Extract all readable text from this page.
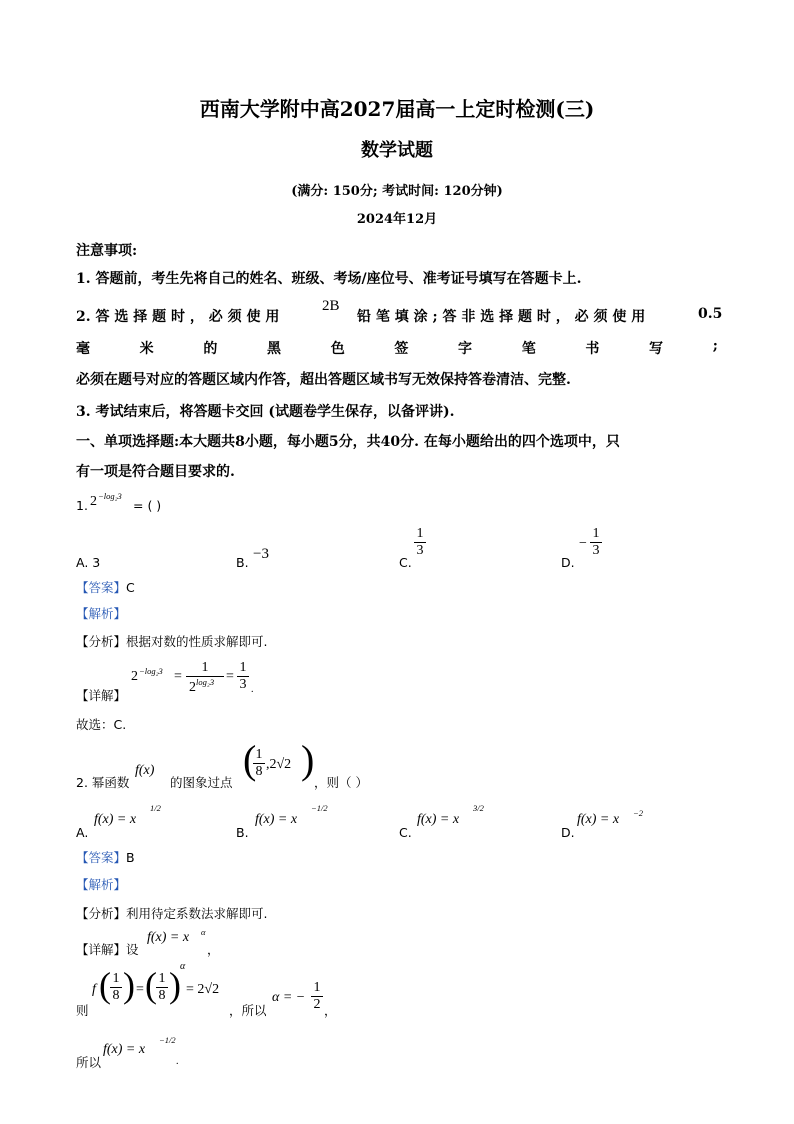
西南大学附中高2027届高一上定时检测(三)
数学试题
(满分: 150分; 考试时间: 120分钟)
2024年12月
注意事项:
1. 答题前，考生先将自己的姓名、班级、考场/座位号、准考证号填写在答题卡上.
2. 答 选 择 题 时 ， 必 须 使 用
2B
铅 笔 填 涂 ; 答 非 选 择 题 时 ， 必 须 使 用	0.5
毫	米	的	黑	色	签	字	笔	书	写	;
必须在题号对应的答题区域内作答，超出答题区域书写无效保持答卷清洁、完整.
3. 考试结束后，将答题卡交回 (试题卷学生保存，以备评讲).
一、单项选择题:本大题共8小题，每小题5分，共40分. 在每小题给出的四个选项中，只
有一项是符合题目要求的.
1. 2 −log₂3
= ( )
A. 3	B.
−3
C.
$\frac{1}{3}$
D.
− $\frac{1}{3}$
【答案】C
【解析】
【分析】根据对数的性质求解即可.
【详解】
$2 -\log_23 = \frac{1}{2^{log_23}} = \frac{1}{3}$ .
故选：C.
2. 幂函数
f(x)
的图象过点
(
$\frac{1}{8} ,2√2$ )
，则（ ）
A.
f(x) = x
1/2
B.
f(x) = x
−1/2
C.
f(x) = x
3/2
D.
f(x) = x −2
【答案】B
【解析】
【分析】利用待定系数法求解即可.
【详解】设
f(x) = x α
，
则
f ( $\frac{1}{8}$ ) = ( $\frac{1}{8}$ ) α
= 2√2
，所以
α = − $\frac{1}{2}$ ，
所以
f(x) = x
−1/2
.
